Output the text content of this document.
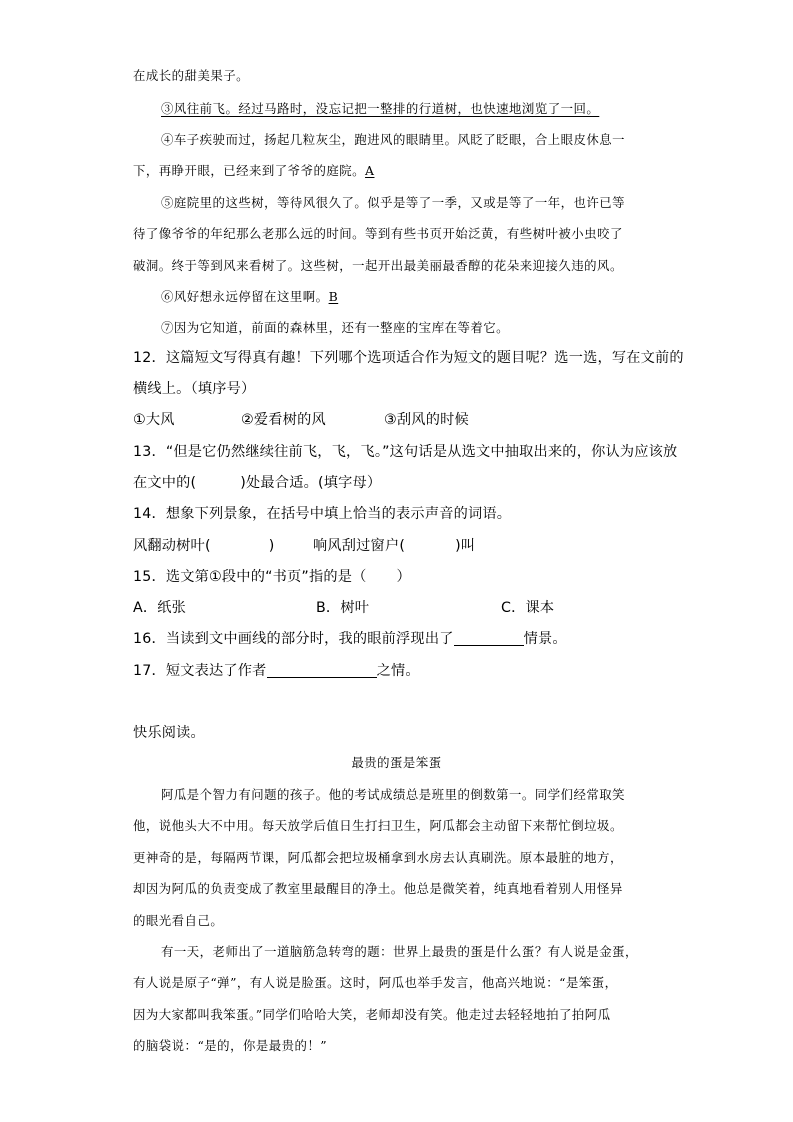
在成长的甜美果子。
③风往前飞。经过马路时，没忘记把一整排的行道树，也快速地浏览了一回。
④车子疾驶而过，扬起几粒灰尘，跑进风的眼睛里。风眨了眨眼，合上眼皮休息一
下，再睁开眼，已经来到了爷爷的庭院。A
⑤庭院里的这些树，等待风很久了。似乎是等了一季，又或是等了一年，也许已等
待了像爷爷的年纪那么老那么远的时间。等到有些书页开始泛黄，有些树叶被小虫咬了
破洞。终于等到风来看树了。这些树，一起开出最美丽最香醇的花朵来迎接久违的风。
⑥风好想永远停留在这里啊。B
⑦因为它知道，前面的森林里，还有一整座的宝库在等着它。
12．这篇短文写得真有趣！下列哪个选项适合作为短文的题目呢？选一选，写在文前的
横线上。（填序号）
①大风	②爱看树的风	③刮风的时候
13．“但是它仍然继续往前飞，飞，飞。”这句话是从选文中抽取出来的，你认为应该放
在文中的(	)处最合适。(填字母）
14．想象下列景象，在括号中填上恰当的表示声音的词语。
风翻动树叶(	)	响风刮过窗户(	)叫
15．选文第①段中的“书页”指的是（ ）
A．纸张	B．树叶	C．课本
16．当读到文中画线的部分时，我的眼前浮现出了	情景。
17．短文表达了作者	之情。
快乐阅读。
最贵的蛋是笨蛋
阿瓜是个智力有问题的孩子。他的考试成绩总是班里的倒数第一。同学们经常取笑
他，说他头大不中用。每天放学后值日生打扫卫生，阿瓜都会主动留下来帮忙倒垃圾。
更神奇的是，每隔两节课，阿瓜都会把垃圾桶拿到水房去认真刷洗。原本最脏的地方，
却因为阿瓜的负责变成了教室里最醒目的净土。他总是微笑着，纯真地看着别人用怪异
的眼光看自己。
有一天，老师出了一道脑筋急转弯的题：世界上最贵的蛋是什么蛋？有人说是金蛋，
有人说是原子“弹”，有人说是脸蛋。这时，阿瓜也举手发言，他高兴地说：“是笨蛋，
因为大家都叫我笨蛋。”同学们哈哈大笑，老师却没有笑。他走过去轻轻地拍了拍阿瓜
的脑袋说：“是的，你是最贵的！”
